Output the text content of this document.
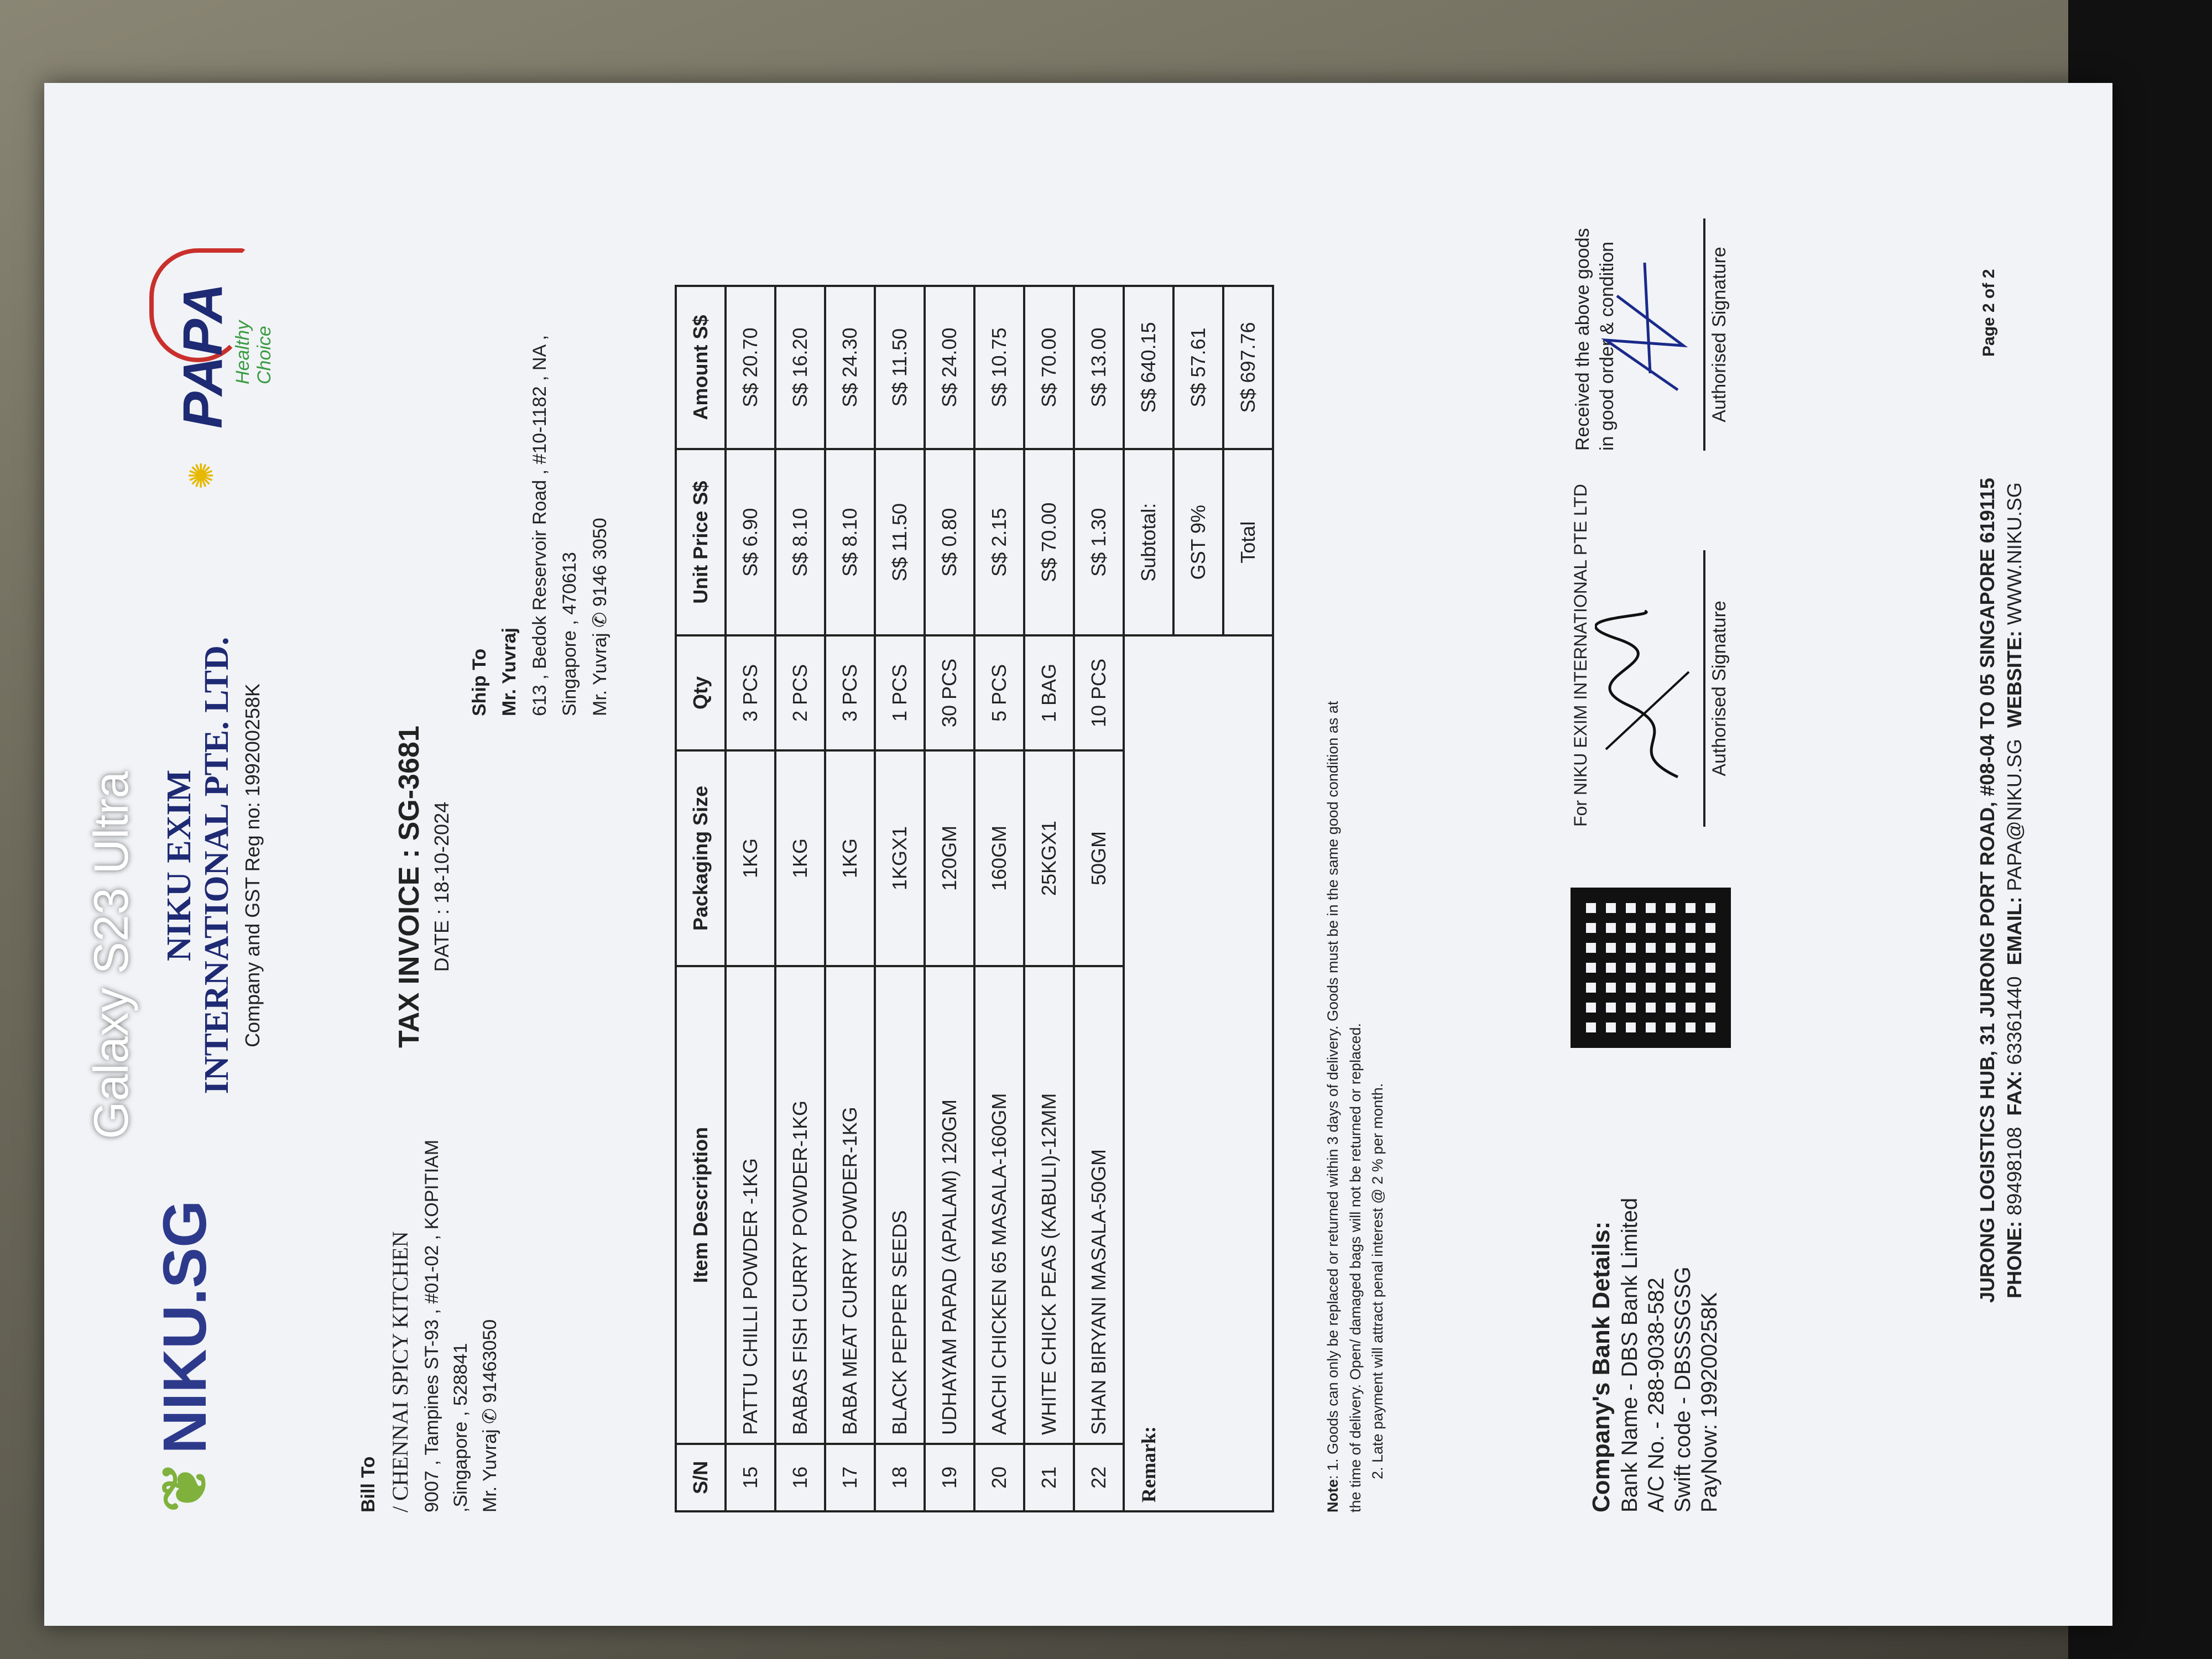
❦NIKU.SG
NIKU EXIM INTERNATIONAL PTE. LTD. Company and GST Reg no: 199200258K
✺
PAPA
Healthy Choice
Bill To / CHENNAI SPICY KITCHEN 9007 , Tampines ST-93 , #01-02 , KOPITIAM ,Singapore , 528841 Mr. Yuvraj ✆ 91463050
TAX INVOICE : SG-3681 DATE : 18-10-2024
Ship To Mr. Yuvraj 613 , Bedok Reservoir Road , #10-1182 , NA , Singapore , 470613 Mr. Yuvraj ✆ 9146 3050
S/N	Item Description	Packaging Size	Qty	Unit Price S$	Amount S$
15	PATTU CHILLI POWDER -1KG	1KG	3 PCS	S$ 6.90	S$ 20.70
16	BABAS FISH CURRY POWDER-1KG	1KG	2 PCS	S$ 8.10	S$ 16.20
17	BABA MEAT CURRY POWDER-1KG	1KG	3 PCS	S$ 8.10	S$ 24.30
18	BLACK PEPPER SEEDS	1KGX1	1 PCS	S$ 11.50	S$ 11.50
19	UDHAYAM PAPAD (APALAM) 120GM	120GM	30 PCS	S$ 0.80	S$ 24.00
20	AACHI CHICKEN 65 MASALA-160GM	160GM	5 PCS	S$ 2.15	S$ 10.75
21	WHITE CHICK PEAS (KABULI)-12MM	25KGX1	1 BAG	S$ 70.00	S$ 70.00
22	SHAN BIRYANI MASALA-50GM	50GM	10 PCS	S$ 1.30	S$ 13.00
Remark:				Subtotal:	S$ 640.15
				GST 9%	S$ 57.61
				Total	S$ 697.76
Note: 1. Goods can only be replaced or returned within 3 days of delivery. Goods must be in the same good condition as at the time of delivery. Open/ damaged bags will not be returned or replaced. 2. Late payment will attract penal interest @ 2 % per month.	Company's Bank Details: Bank Name - DBS Bank Limited A/C No. - 288-9038-582 Swift code - DBSSSGSG PayNow: 199200258K
For NIKU EXIM INTERNATIONAL PTE LTD	Authorised Signature
Received the above goods in good order & condition	Authorised Signature
JURONG LOGISTICS HUB, 31 JURONG PORT ROAD, #08-04 TO 05 SINGAPORE 619115 PHONE: 89498108  FAX: 63361440  EMAIL: PAPA@NIKU.SG  WEBSITE: WWW.NIKU.SG
Page 2 of 2
Galaxy S23 Ultra
